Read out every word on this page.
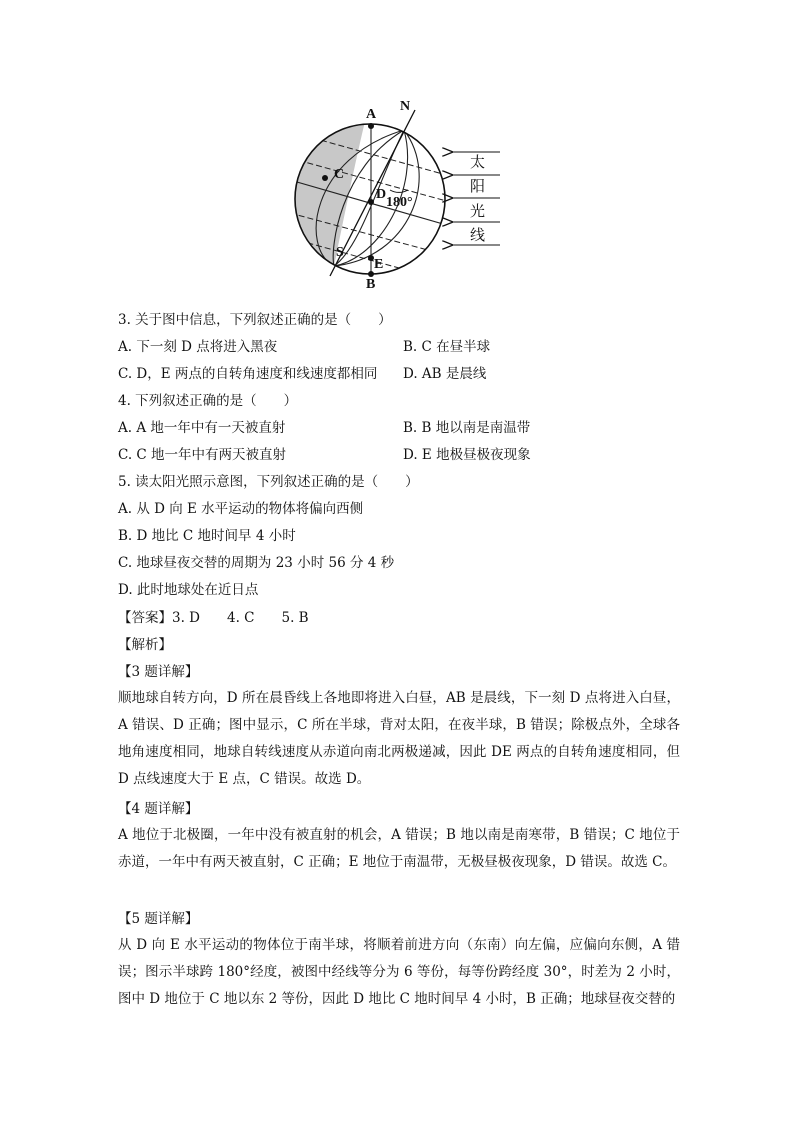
A
N
C
D
180°
S
E
B
太
阳
光
线
3. 关于图中信息，下列叙述正确的是（　　）
A. 下一刻 D 点将进入黑夜	B. C 在昼半球
C. D，E 两点的自转角速度和线速度都相同 D. AB 是晨线
4. 下列叙述正确的是（　　）
A. A 地一年中有一天被直射	B. B 地以南是南温带
C. C 地一年中有两天被直射	D. E 地极昼极夜现象
5. 读太阳光照示意图，下列叙述正确的是（　　）
A. 从 D 向 E 水平运动的物体将偏向西侧
B. D 地比 C 地时间早 4 小时
C. 地球昼夜交替的周期为 23 小时 56 分 4 秒
D. 此时地球处在近日点
【答案】3. D　　4. C　　5. B
【解析】
【3 题详解】
顺地球自转方向，D 所在晨昏线上各地即将进入白昼，AB 是晨线，下一刻 D 点将进入白昼，A 错误、D 正确；图中显示，C 所在半球，背对太阳，在夜半球，B 错误；除极点外，全球各地角速度相同，地球自转线速度从赤道向南北两极递减，因此 DE 两点的自转角速度相同，但 D 点线速度大于 E 点，C 错误。故选 D。
【4 题详解】
A 地位于北极圈，一年中没有被直射的机会，A 错误；B 地以南是南寒带，B 错误；C 地位于赤道，一年中有两天被直射，C 正确；E 地位于南温带，无极昼极夜现象，D 错误。故选 C。
【5 题详解】
从 D 向 E 水平运动的物体位于南半球，将顺着前进方向（东南）向左偏，应偏向东侧，A 错误；图示半球跨 180°经度，被图中经线等分为 6 等份，每等份跨经度 30°，时差为 2 小时，图中 D 地位于 C 地以东 2 等份，因此 D 地比 C 地时间早 4 小时，B 正确；地球昼夜交替的
